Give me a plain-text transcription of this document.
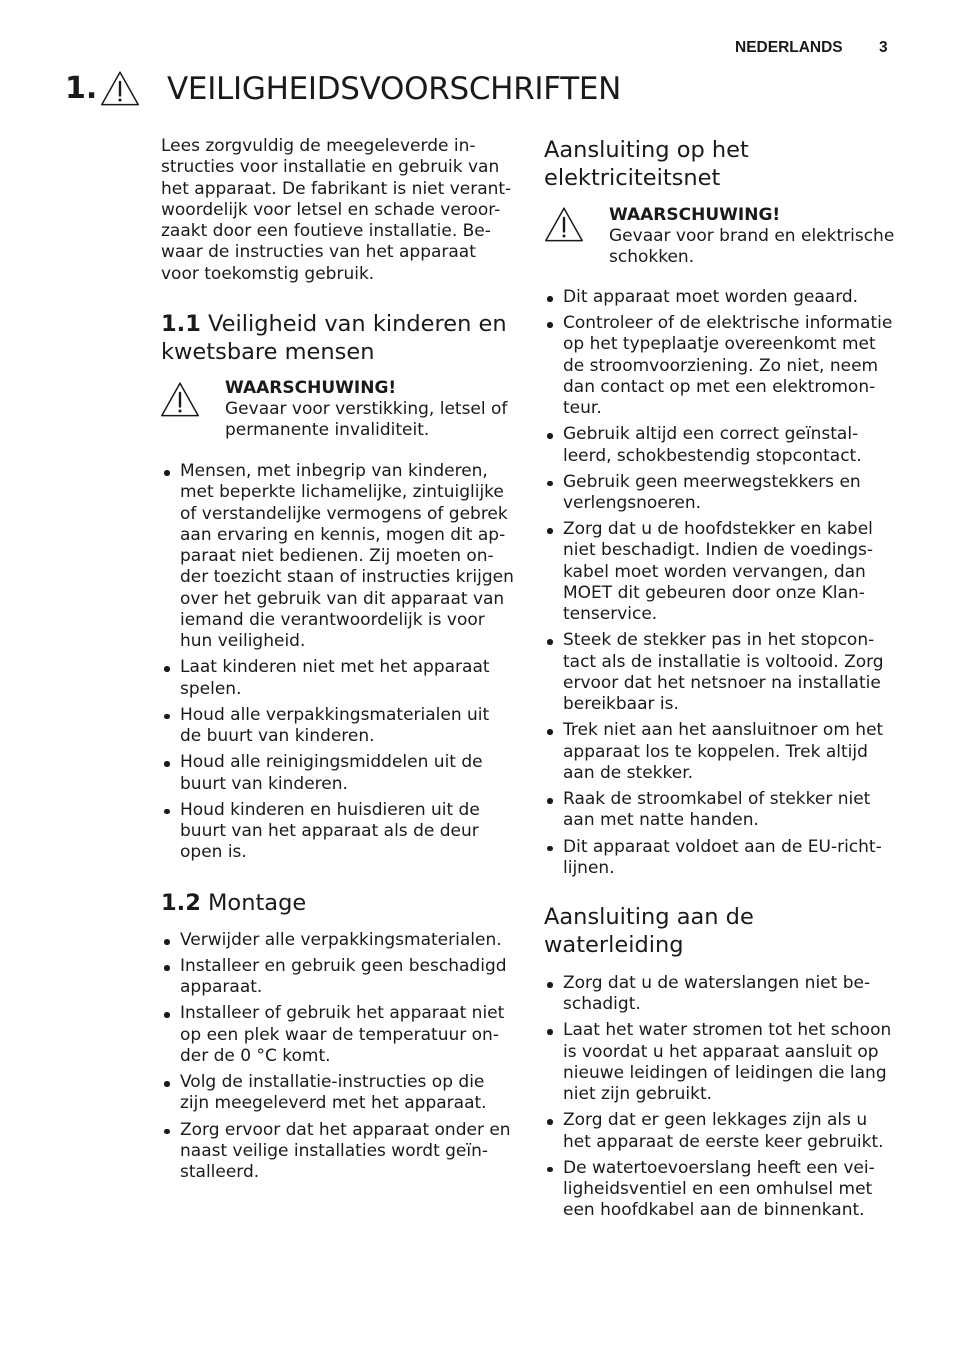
NEDERLANDS 3
1. VEILIGHEIDSVOORSCHRIFTEN

Lees zorgvuldig de meegeleverde in-
structies voor installatie en gebruik van
het apparaat. De fabrikant is niet verant-
woordelijk voor letsel en schade veroor-
zaakt door een foutieve installatie. Be-
waar de instructies van het apparaat
voor toekomstig gebruik.

1.1 Veiligheid van kinderen en
kwetsbare mensen
WAARSCHUWING!
Gevaar voor verstikking, letsel of
permanente invaliditeit.
Mensen, met inbegrip van kinderen,
met beperkte lichamelijke, zintuiglijke
of verstandelijke vermogens of gebrek
aan ervaring en kennis, mogen dit ap-
paraat niet bedienen. Zij moeten on-
der toezicht staan of instructies krijgen
over het gebruik van dit apparaat van
iemand die verantwoordelijk is voor
hun veiligheid.
Laat kinderen niet met het apparaat
spelen.
Houd alle verpakkingsmaterialen uit
de buurt van kinderen.
Houd alle reinigingsmiddelen uit de
buurt van kinderen.
Houd kinderen en huisdieren uit de
buurt van het apparaat als de deur
open is.
1.2 Montage
Verwijder alle verpakkingsmaterialen.
Installeer en gebruik geen beschadigd
apparaat.
Installeer of gebruik het apparaat niet
op een plek waar de temperatuur on-
der de 0 °C komt.
Volg de installatie-instructies op die
zijn meegeleverd met het apparaat.
Zorg ervoor dat het apparaat onder en
naast veilige installaties wordt geïn-
stalleerd.
Aansluiting op het
elektriciteitsnet
WAARSCHUWING!
Gevaar voor brand en elektrische
schokken.
Dit apparaat moet worden geaard.
Controleer of de elektrische informatie
op het typeplaatje overeenkomt met
de stroomvoorziening. Zo niet, neem
dan contact op met een elektromon-
teur.
Gebruik altijd een correct geïnstal-
leerd, schokbestendig stopcontact.
Gebruik geen meerwegstekkers en
verlengsnoeren.
Zorg dat u de hoofdstekker en kabel
niet beschadigt. Indien de voedings-
kabel moet worden vervangen, dan
MOET dit gebeuren door onze Klan-
tenservice.
Steek de stekker pas in het stopcon-
tact als de installatie is voltooid. Zorg
ervoor dat het netsnoer na installatie
bereikbaar is.
Trek niet aan het aansluitnoer om het
apparaat los te koppelen. Trek altijd
aan de stekker.
Raak de stroomkabel of stekker niet
aan met natte handen.
Dit apparaat voldoet aan de EU-richt-
lijnen.
Aansluiting aan de
waterleiding
Zorg dat u de waterslangen niet be-
schadigt.
Laat het water stromen tot het schoon
is voordat u het apparaat aansluit op
nieuwe leidingen of leidingen die lang
niet zijn gebruikt.
Zorg dat er geen lekkages zijn als u
het apparaat de eerste keer gebruikt.
De watertoevoerslang heeft een vei-
ligheidsventiel en een omhulsel met
een hoofdkabel aan de binnenkant.
